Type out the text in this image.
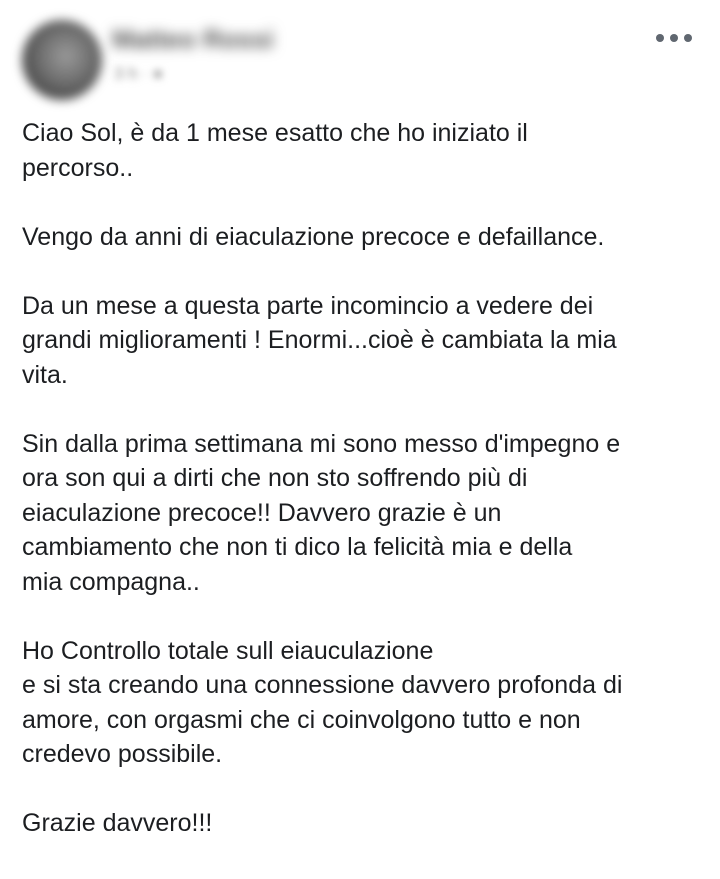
Matteo Rossi
3 h · ●

Ciao Sol, è da 1 mese esatto che ho iniziato il
percorso..

Vengo da anni di eiaculazione precoce e defaillance.

Da un mese a questa parte incomincio a vedere dei
grandi miglioramenti ! Enormi...cioè è cambiata la mia
vita.

Sin dalla prima settimana mi sono messo d'impegno e
ora son qui a dirti che non sto soffrendo più di
eiaculazione precoce!! Davvero grazie è un
cambiamento che non ti dico la felicità mia e della
mia compagna..

Ho Controllo totale sull eiauculazione
e si sta creando una connessione davvero profonda di
amore, con orgasmi che ci coinvolgono tutto e non
credevo possibile.

Grazie davvero!!!
